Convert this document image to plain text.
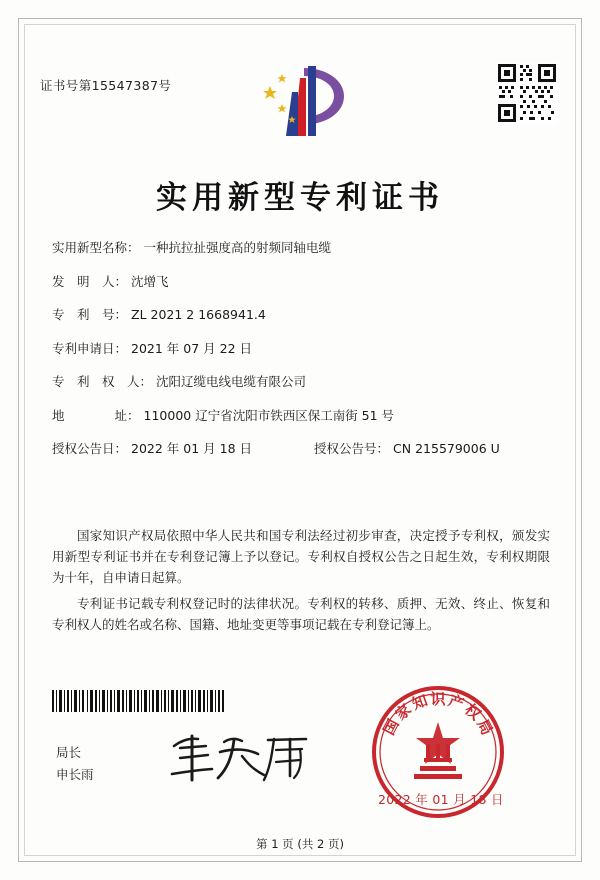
证书号第15547387号
实用新型专利证书
实用新型名称： 一种抗拉扯强度高的射频同轴电缆
发　明　人： 沈增飞
专　利　号： ZL 2021 2 1668941.4
专利申请日： 2021 年 07 月 22 日
专　利　权　人： 沈阳辽缆电线电缆有限公司
地　　　　址： 110000 辽宁省沈阳市铁西区保工南街 51 号
授权公告日： 2022 年 01 月 18 日	授权公告号： CN 215579006 U

国家知识产权局依照中华人民共和国专利法经过初步审查，决定授予专利权，颁发实用新型专利证书并在专利登记簿上予以登记。专利权自授权公告之日起生效，专利权期限为十年，自申请日起算。

专利证书记载专利权登记时的法律状况。专利权的转移、质押、无效、终止、恢复和专利权人的姓名或名称、国籍、地址变更等事项记载在专利登记簿上。

局长
申长雨
国
家
知 识 产
权
局
2022 年 01 月 18 日
第 1 页 (共 2 页)
